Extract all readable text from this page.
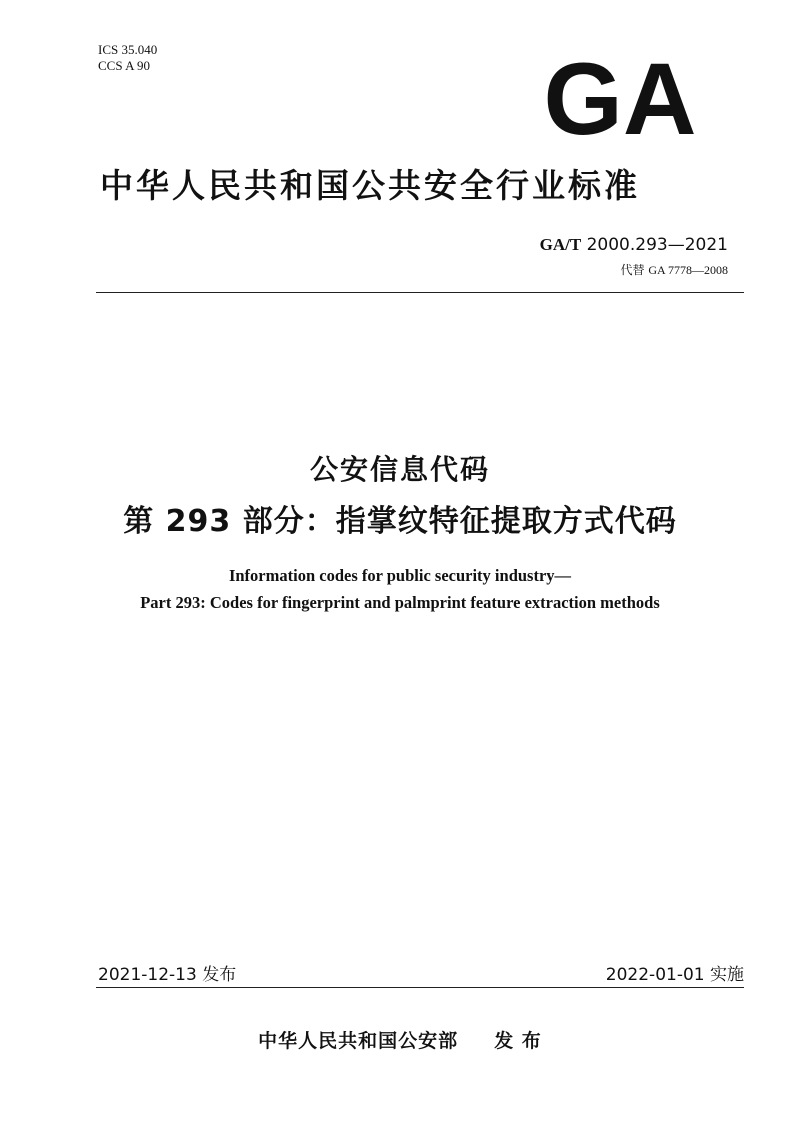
ICS 35.040
CCS A 90	GA
中华人民共和国公共安全行业标准
GA/T 2000.293—2021
代替 GA 7778—2008
公安信息代码
第 293 部分：指掌纹特征提取方式代码
Information codes for public security industry—
Part 293: Codes for fingerprint and palmprint feature extraction methods
2021-12-13 发布	2022-01-01 实施
中华人民共和国公安部 发 布
